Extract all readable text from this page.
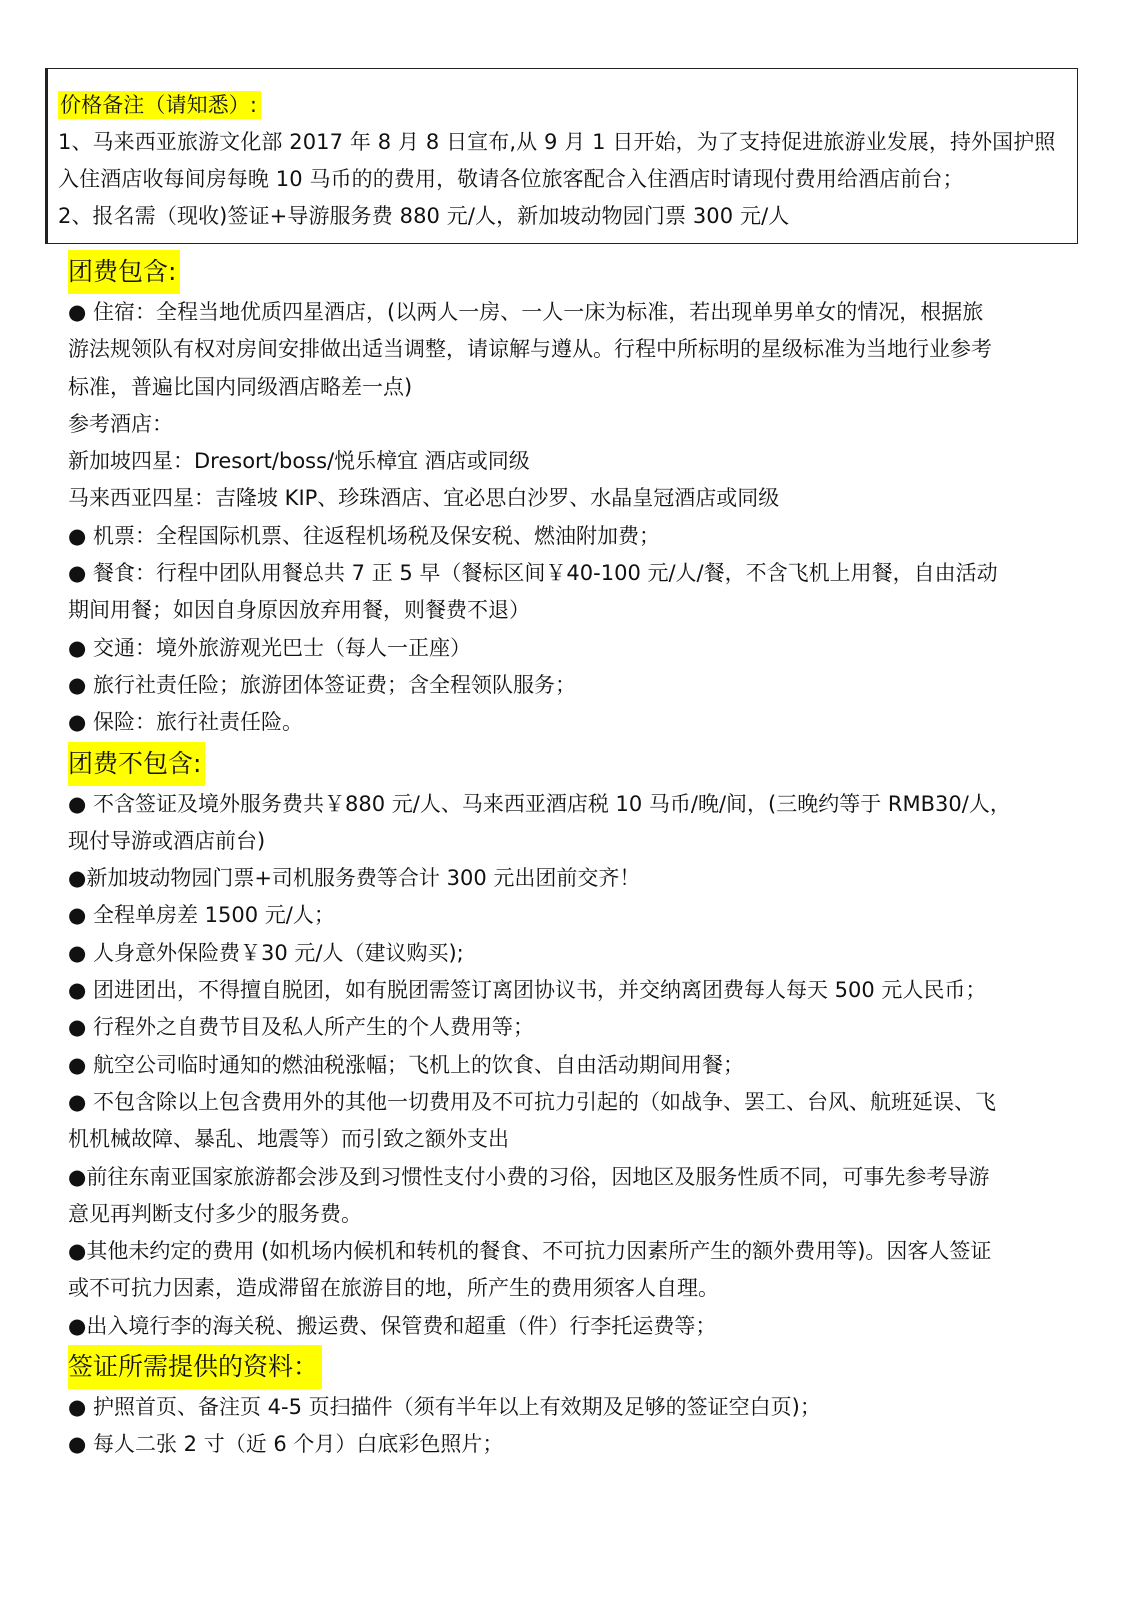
价格备注（请知悉）:
1、马来西亚旅游文化部 2017 年 8 月 8 日宣布,从 9 月 1 日开始，为了支持促进旅游业发展，持外国护照
入住酒店收每间房每晚 10 马币的的费用，敬请各位旅客配合入住酒店时请现付费用给酒店前台；
2、报名需（现收)签证+导游服务费 880 元/人，新加坡动物园门票 300 元/人
团费包含:
● 住宿：全程当地优质四星酒店，(以两人一房、一人一床为标准，若出现单男单女的情况，根据旅
游法规领队有权对房间安排做出适当调整，请谅解与遵从。行程中所标明的星级标准为当地行业参考
标准，普遍比国内同级酒店略差一点)
参考酒店：
新加坡四星：Dresort/boss/悦乐樟宜 酒店或同级
马来西亚四星：吉隆坡 KIP、珍珠酒店、宜必思白沙罗、水晶皇冠酒店或同级
● 机票：全程国际机票、往返程机场税及保安税、燃油附加费；
● 餐食：行程中团队用餐总共 7 正 5 早（餐标区间￥40-100 元/人/餐，不含飞机上用餐，自由活动
期间用餐；如因自身原因放弃用餐，则餐费不退）
● 交通：境外旅游观光巴士（每人一正座）
● 旅行社责任险；旅游团体签证费；含全程领队服务；
● 保险：旅行社责任险。
团费不包含:
● 不含签证及境外服务费共￥880 元/人、马来西亚酒店税 10 马币/晚/间，(三晚约等于 RMB30/人，
现付导游或酒店前台)
●新加坡动物园门票+司机服务费等合计 300 元出团前交齐！
● 全程单房差 1500 元/人；
● 人身意外保险费￥30 元/人（建议购买);
● 团进团出，不得擅自脱团，如有脱团需签订离团协议书，并交纳离团费每人每天 500 元人民币；
● 行程外之自费节目及私人所产生的个人费用等；
● 航空公司临时通知的燃油税涨幅；飞机上的饮食、自由活动期间用餐；
● 不包含除以上包含费用外的其他一切费用及不可抗力引起的（如战争、罢工、台风、航班延误、飞
机机械故障、暴乱、地震等）而引致之额外支出
●前往东南亚国家旅游都会涉及到习惯性支付小费的习俗，因地区及服务性质不同，可事先参考导游
意见再判断支付多少的服务费。
●其他未约定的费用 (如机场内候机和转机的餐食、不可抗力因素所产生的额外费用等)。因客人签证
或不可抗力因素，造成滞留在旅游目的地，所产生的费用须客人自理。
●出入境行李的海关税、搬运费、保管费和超重（件）行李托运费等；
签证所需提供的资料：
● 护照首页、备注页 4-5 页扫描件（须有半年以上有效期及足够的签证空白页)；
● 每人二张 2 寸（近 6 个月）白底彩色照片；
